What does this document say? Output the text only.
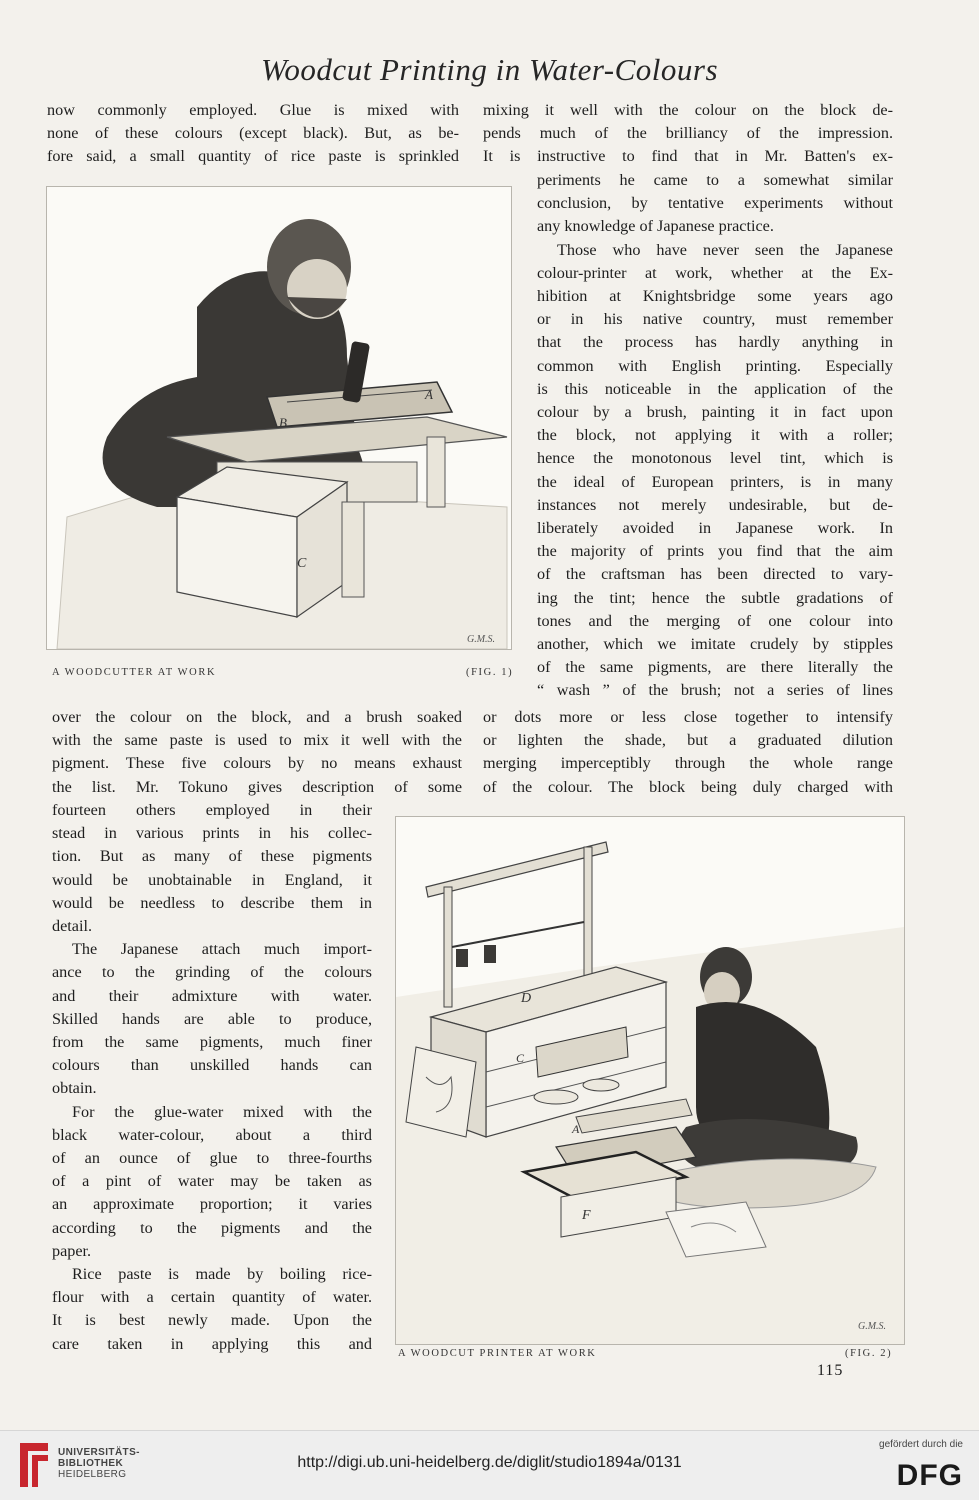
Woodcut Printing in Water-Colours
now commonly employed. Glue is mixed with
none of these colours (except black). But, as be-
fore said, a small quantity of rice paste is sprinkled
mixing it well with the colour on the block de-
pends much of the brilliancy of the impression.
It is instructive to find that in Mr. Batten's ex-
A
B
C
G.M.S.
A WOODCUTTER AT WORK	(FIG. 1)
periments he came to a somewhat similar
conclusion, by tentative experiments without
any knowledge of Japanese practice.
Those who have never seen the Japanese
colour-printer at work, whether at the Ex-
hibition at Knightsbridge some years ago
or in his native country, must remember
that the process has hardly anything in
common with English printing. Especially
is this noticeable in the application of the
colour by a brush, painting it in fact upon
the block, not applying it with a roller;
hence the monotonous level tint, which is
the ideal of European printers, is in many
instances not merely undesirable, but de-
liberately avoided in Japanese work. In
the majority of prints you find that the aim
of the craftsman has been directed to vary-
ing the tint; hence the subtle gradations of
tones and the merging of one colour into
another, which we imitate crudely by stipples
of the same pigments, are there literally the
“ wash ” of the brush; not a series of lines
over the colour on the block, and a brush soaked
with the same paste is used to mix it well with the
pigment. These five colours by no means exhaust
the list. Mr. Tokuno gives description of some
or dots more or less close together to intensify
or lighten the shade, but a graduated dilution
merging imperceptibly through the whole range
of the colour. The block being duly charged with
fourteen others employed in their
stead in various prints in his collec-
tion. But as many of these pigments
would be unobtainable in England, it
would be needless to describe them in
detail.
The Japanese attach much import-
ance to the grinding of the colours
and their admixture with water.
Skilled hands are able to produce,
from the same pigments, much finer
colours than unskilled hands can
obtain.
For the glue-water mixed with the
black water-colour, about a third
of an ounce of glue to three-fourths
of a pint of water may be taken as
an approximate proportion; it varies
according to the pigments and the
paper.
Rice paste is made by boiling rice-
flour with a certain quantity of water.
It is best newly made. Upon the
care taken in applying this and
D
C
A
F
G.M.S.
A WOODCUT PRINTER AT WORK	(FIG. 2)
115
UNIVERSITÄTS-
BIBLIOTHEK
HEIDELBERG
http://digi.ub.uni-heidelberg.de/diglit/studio1894a/0131
gefördert durch die
DFG
